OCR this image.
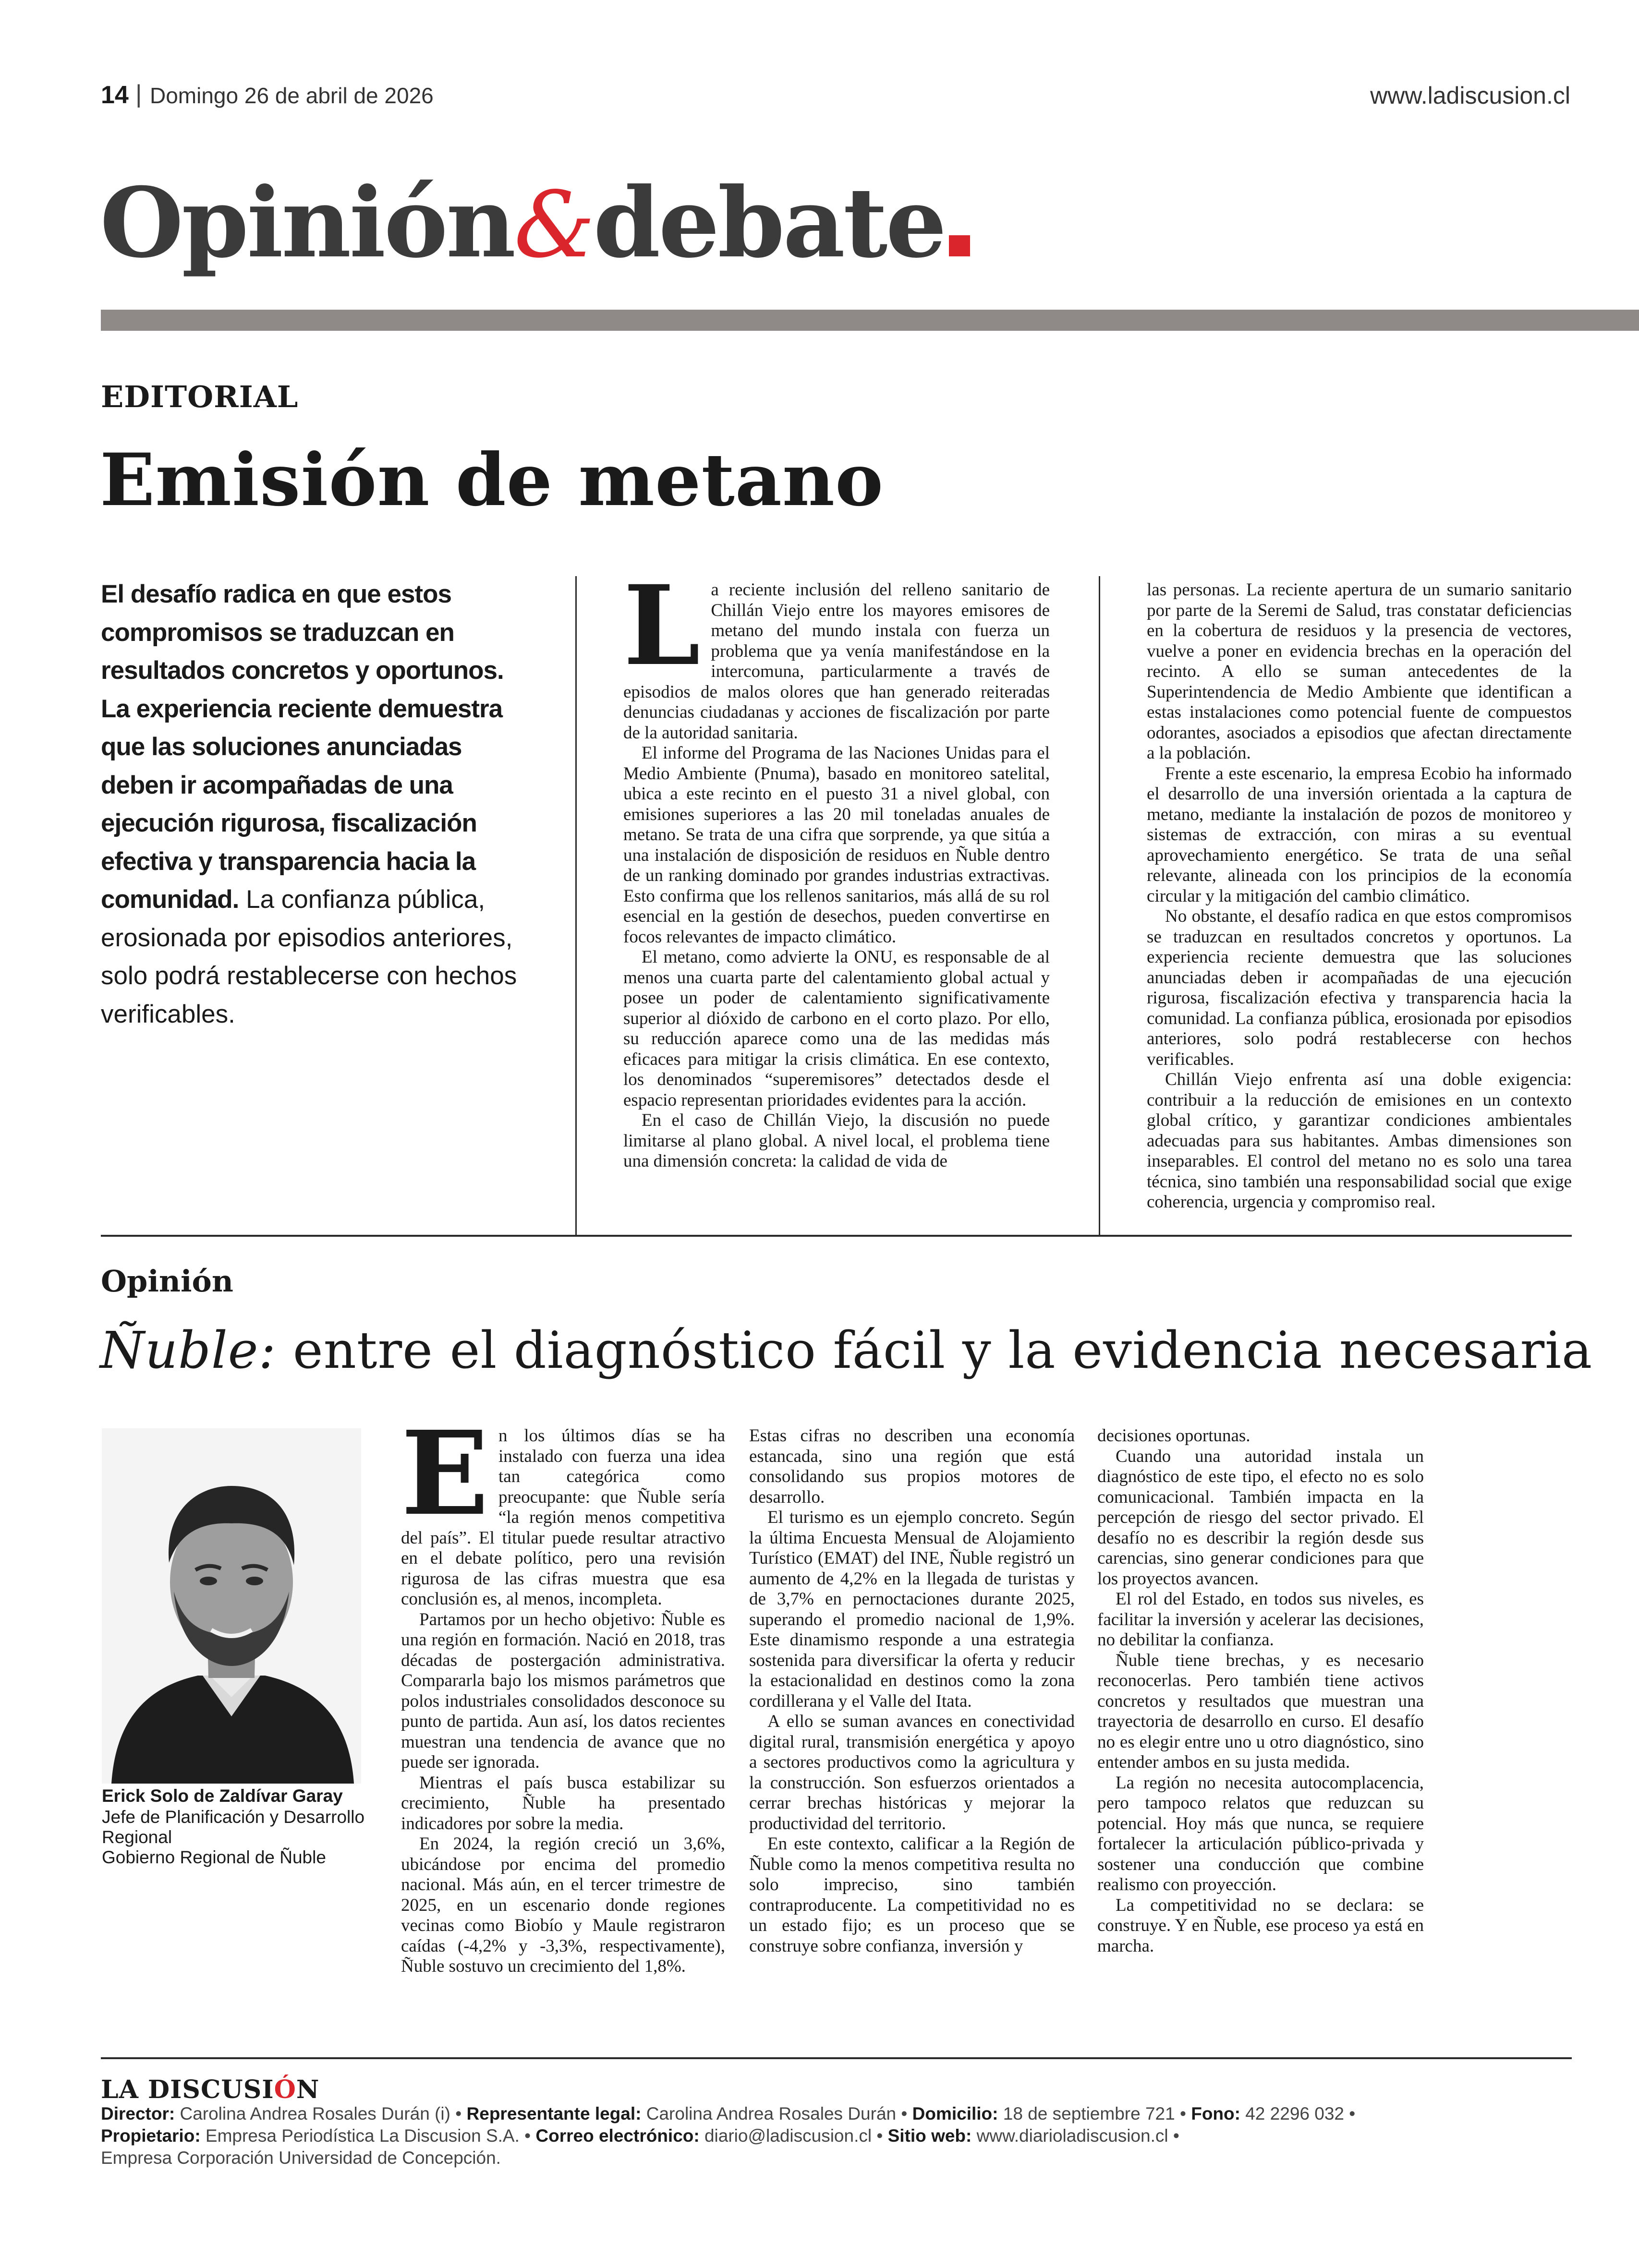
14 | Domingo 26 de abril de 2026	www.ladiscusion.cl
Opinión&debate
EDITORIAL
Emisión de metano
El desafío radica en que estos compromisos se traduzcan en resultados concretos y oportunos. La experiencia reciente demuestra que las soluciones anunciadas deben ir acompañadas de una ejecución rigurosa, fiscalización efectiva y transparencia hacia la comunidad. La confianza pública, erosionada por episodios anteriores, solo podrá restablecerse con hechos verificables.

La reciente inclusión del relleno sanitario de Chillán Viejo entre los mayores emisores de metano del mundo instala con fuerza un problema que ya venía manifestándose en la intercomuna, particularmente a través de episodios de malos olores que han generado reiteradas denuncias ciudadanas y acciones de fiscalización por parte de la autoridad sanitaria.

El informe del Programa de las Naciones Unidas para el Medio Ambiente (Pnuma), basado en monitoreo satelital, ubica a este recinto en el puesto 31 a nivel global, con emisiones superiores a las 20 mil toneladas anuales de metano. Se trata de una cifra que sorprende, ya que sitúa a una instalación de disposición de residuos en Ñuble dentro de un ranking dominado por grandes industrias extractivas. Esto confirma que los rellenos sanitarios, más allá de su rol esencial en la gestión de desechos, pueden convertirse en focos relevantes de impacto climático.

El metano, como advierte la ONU, es responsable de al menos una cuarta parte del calentamiento global actual y posee un poder de calentamiento significativamente superior al dióxido de carbono en el corto plazo. Por ello, su reducción aparece como una de las medidas más eficaces para mitigar la crisis climática. En ese contexto, los denominados “superemisores” detectados desde el espacio representan prioridades evidentes para la acción.

En el caso de Chillán Viejo, la discusión no puede limitarse al plano global. A nivel local, el problema tiene una dimensión concreta: la calidad de vida de

las personas. La reciente apertura de un sumario sanitario por parte de la Seremi de Salud, tras constatar deficiencias en la cobertura de residuos y la presencia de vectores, vuelve a poner en evidencia brechas en la operación del recinto. A ello se suman antecedentes de la Superintendencia de Medio Ambiente que identifican a estas instalaciones como potencial fuente de compuestos odorantes, asociados a episodios que afectan directamente a la población.

Frente a este escenario, la empresa Ecobio ha informado el desarrollo de una inversión orientada a la captura de metano, mediante la instalación de pozos de monitoreo y sistemas de extracción, con miras a su eventual aprovechamiento energético. Se trata de una señal relevante, alineada con los principios de la economía circular y la mitigación del cambio climático.

No obstante, el desafío radica en que estos compromisos se traduzcan en resultados concretos y oportunos. La experiencia reciente demuestra que las soluciones anunciadas deben ir acompañadas de una ejecución rigurosa, fiscalización efectiva y transparencia hacia la comunidad. La confianza pública, erosionada por episodios anteriores, solo podrá restablecerse con hechos verificables.

Chillán Viejo enfrenta así una doble exigencia: contribuir a la reducción de emisiones en un contexto global crítico, y garantizar condiciones ambientales adecuadas para sus habitantes. Ambas dimensiones son inseparables. El control del metano no es solo una tarea técnica, sino también una responsabilidad social que exige coherencia, urgencia y compromiso real.

Opinión
Ñuble: entre el diagnóstico fácil y la evidencia necesaria
Erick Solo de Zaldívar Garay
Jefe de Planificación y Desarrollo
Regional
Gobierno Regional de Ñuble

En los últimos días se ha instalado con fuerza una idea tan categórica como preocupante: que Ñuble sería “la región menos competitiva del país”. El titular puede resultar atractivo en el debate político, pero una revisión rigurosa de las cifras muestra que esa conclusión es, al menos, incompleta.

Partamos por un hecho objetivo: Ñuble es una región en formación. Nació en 2018, tras décadas de postergación administrativa. Compararla bajo los mismos parámetros que polos industriales consolidados desconoce su punto de partida. Aun así, los datos recientes muestran una tendencia de avance que no puede ser ignorada.

Mientras el país busca estabilizar su crecimiento, Ñuble ha presentado indicadores por sobre la media.

En 2024, la región creció un 3,6%, ubicándose por encima del promedio nacional. Más aún, en el tercer trimestre de 2025, en un escenario donde regiones vecinas como Biobío y Maule registraron caídas (-4,2% y -3,3%, respectivamente), Ñuble sostuvo un crecimiento del 1,8%.

Estas cifras no describen una economía estancada, sino una región que está consolidando sus propios motores de desarrollo.

El turismo es un ejemplo concreto. Según la última Encuesta Mensual de Alojamiento Turístico (EMAT) del INE, Ñuble registró un aumento de 4,2% en la llegada de turistas y de 3,7% en pernoctaciones durante 2025, superando el promedio nacional de 1,9%. Este dinamismo responde a una estrategia sostenida para diversificar la oferta y reducir la estacionalidad en destinos como la zona cordillerana y el Valle del Itata.

A ello se suman avances en conectividad digital rural, transmisión energética y apoyo a sectores productivos como la agricultura y la construcción. Son esfuerzos orientados a cerrar brechas históricas y mejorar la productividad del territorio.

En este contexto, calificar a la Región de Ñuble como la menos competitiva resulta no solo impreciso, sino también contraproducente. La competitividad no es un estado fijo; es un proceso que se construye sobre confianza, inversión y

decisiones oportunas.

Cuando una autoridad instala un diagnóstico de este tipo, el efecto no es solo comunicacional. También impacta en la percepción de riesgo del sector privado. El desafío no es describir la región desde sus carencias, sino generar condiciones para que los proyectos avancen.

El rol del Estado, en todos sus niveles, es facilitar la inversión y acelerar las decisiones, no debilitar la confianza.

Ñuble tiene brechas, y es necesario reconocerlas. Pero también tiene activos concretos y resultados que muestran una trayectoria de desarrollo en curso. El desafío no es elegir entre uno u otro diagnóstico, sino entender ambos en su justa medida.

La región no necesita autocomplacencia, pero tampoco relatos que reduzcan su potencial. Hoy más que nunca, se requiere fortalecer la articulación público-privada y sostener una conducción que combine realismo con proyección.

La competitividad no se declara: se construye. Y en Ñuble, ese proceso ya está en marcha.

LA DISCUSIÓN
Director: Carolina Andrea Rosales Durán (i) • Representante legal: Carolina Andrea Rosales Durán • Domicilio: 18 de septiembre 721 • Fono: 42 2296 032 •
Propietario: Empresa Periodística La Discusion S.A. • Correo electrónico: diario@ladiscusion.cl • Sitio web: www.diarioladiscusion.cl •
Empresa Corporación Universidad de Concepción.
